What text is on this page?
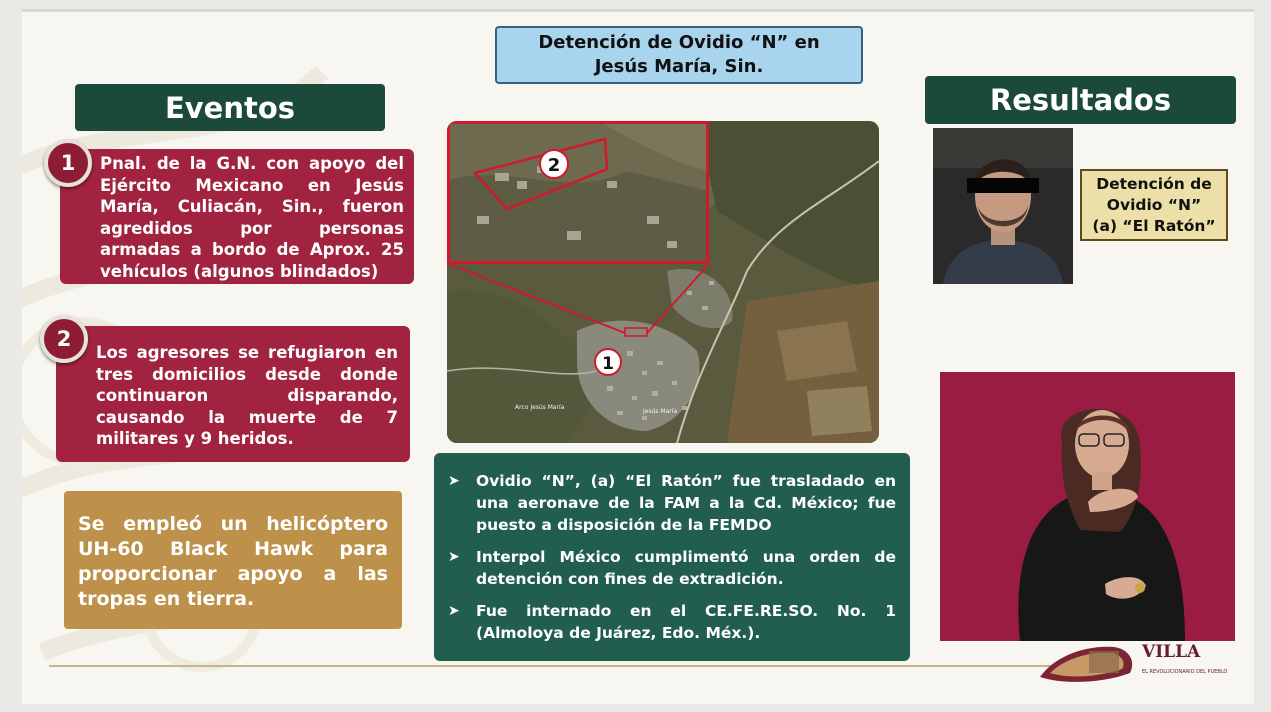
Detención de Ovidio “N” en
Jesús María, Sin.
Eventos
Pnal. de la G.N. con apoyo del Ejército Mexicano en Jesús María, Culiacán, Sin., fueron agredidos por personas armadas a bordo de Aprox. 25 vehículos (algunos blindados)
1
Los agresores se refugiaron en tres domicilios desde donde continuaron disparando, causando la muerte de 7 militares y 9 heridos.
2
Se empleó un helicóptero UH-60 Black Hawk para proporcionar apoyo a las tropas en tierra.
2
1
Arco Jesús María
Jesús María
➤	Ovidio “N”, (a) “El Ratón” fue trasladado en una aeronave de la FAM a la Cd. México; fue puesto a disposición de la FEMDO
➤	Interpol México cumplimentó una orden de detención con fines de extradición.
➤	Fue internado en el CE.FE.RE.SO. No. 1 (Almoloya de Juárez, Edo. Méx.).
Resultados
Detención de
Ovidio “N”
(a) “El Ratón”
VILLA
EL REVOLUCIONARIO DEL PUEBLO
